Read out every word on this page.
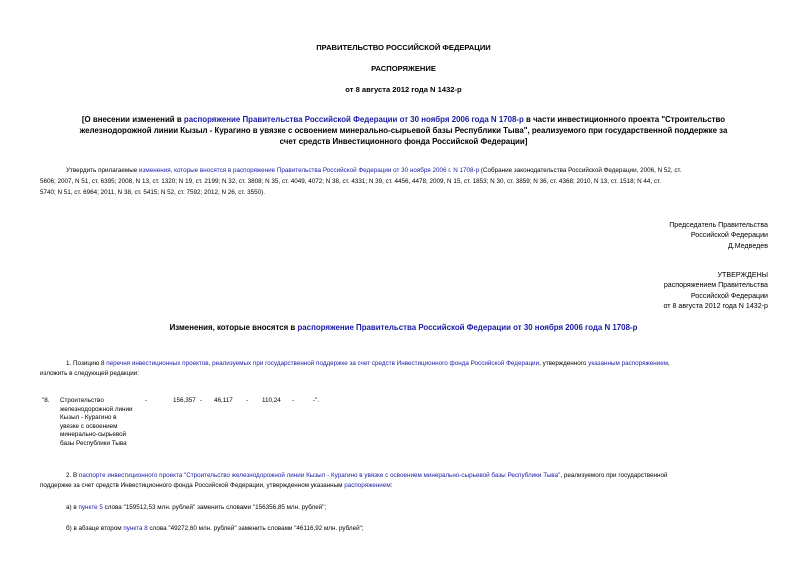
ПРАВИТЕЛЬСТВО РОССИЙСКОЙ ФЕДЕРАЦИИ
РАСПОРЯЖЕНИЕ
от 8 августа 2012 года N 1432-р
[О внесении изменений в распоряжение Правительства Российской Федерации от 30 ноября 2006 года N 1708-р в части инвестиционного проекта "Строительство
железнодорожной линии Кызыл - Курагино в увязке с освоением минерально-сырьевой базы Республики Тыва", реализуемого при государственной поддержке за
счет средств Инвестиционного фонда Российской Федерации]
Утвердить прилагаемые изменения, которые вносятся в распоряжение Правительства Российской Федерации от 30 ноября 2006 г. N 1708-р (Собрание законодательства Российской Федерации, 2006, N 52, ст.
5606; 2007, N 51, ст. 6395; 2008, N 13, ст. 1320; N 19, ст. 2199; N 32, ст. 3808; N 35, ст. 4049, 4072; N 38, ст. 4331; N 39, ст. 4456, 4478; 2009, N 15, ст. 1853; N 30, ст. 3859; N 36, ст. 4368; 2010, N 13, ст. 1518; N 44, ст.
5740; N 51, ст. 6964; 2011, N 38, ст. 5415; N 52, ст. 7592; 2012, N 26, ст. 3550).
Председатель Правительства
Российской Федерации
Д.Медведев
УТВЕРЖДЕНЫ
распоряжением Правительства
Российской Федерации
от 8 августа 2012 года N 1432-р
Изменения, которые вносятся в распоряжение Правительства Российской Федерации от 30 ноября 2006 года N 1708-р
1. Позицию 8 перечня инвестиционных проектов, реализуемых при государственной поддержке за счет средств Инвестиционного фонда Российской Федерации, утвержденного указанным распоряжением,
изложить в следующей редакции:
"8. Строительство
железнодорожной линии
Кызыл - Курагино в
увязке с освоением
минерально-сырьевой
базы Республики Тыва
-	156,357 - 46,117 - 110,24 -	-".
2. В паспорте инвестиционного проекта "Строительство железнодорожной линии Кызыл - Курагино в увязке с освоением минерально-сырьевой базы Республики Тыва", реализуемого при государственной
поддержке за счет средств Инвестиционного фонда Российской Федерации, утвержденном указанным распоряжением:
а) в пункте 5 слова "159512,53 млн. рублей" заменить словами "156356,85 млн. рублей";
б) в абзаце втором пункта 8 слова "49272,60 млн. рублей" заменить словами "46116,92 млн. рублей";
